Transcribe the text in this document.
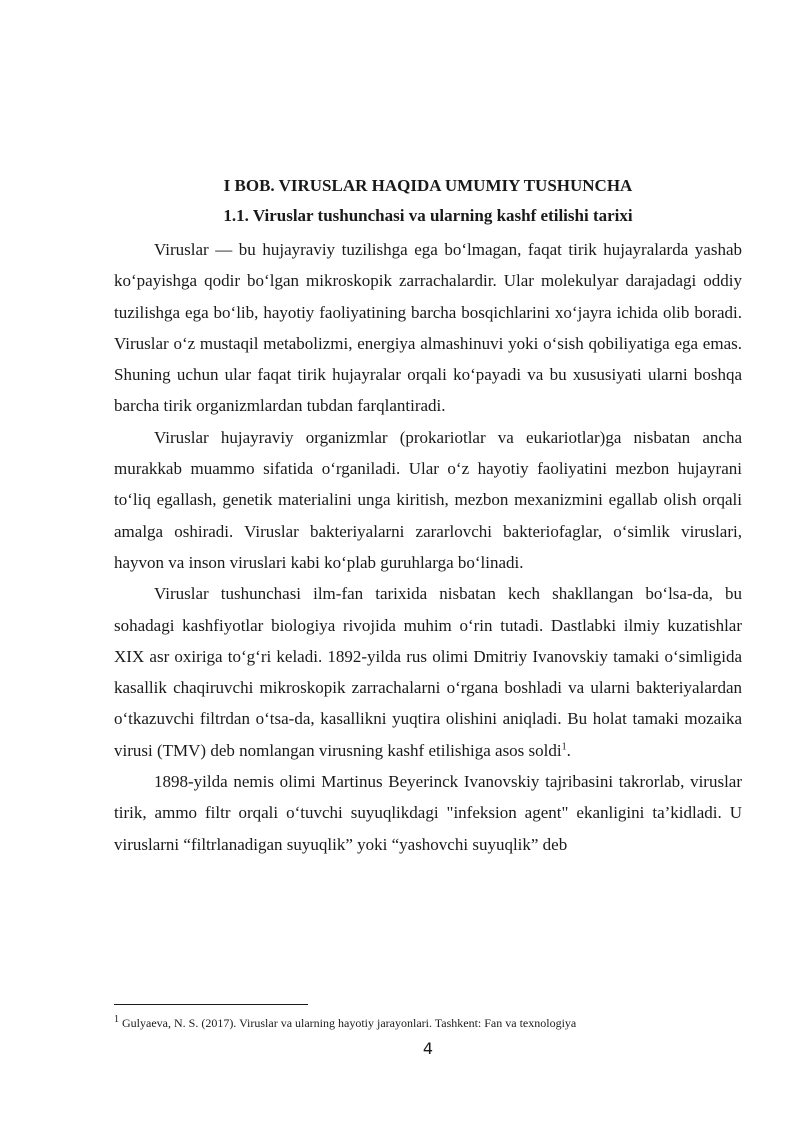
I BOB. VIRUSLAR HAQIDA UMUMIY TUSHUNCHA
1.1. Viruslar tushunchasi va ularning kashf etilishi tarixi

Viruslar — bu hujayraviy tuzilishga ega bo‘lmagan, faqat tirik hujayralarda yashab ko‘payishga qodir bo‘lgan mikroskopik zarrachalardir. Ular molekulyar darajadagi oddiy tuzilishga ega bo‘lib, hayotiy faoliyatining barcha bosqichlarini xo‘jayra ichida olib boradi. Viruslar o‘z mustaqil metabolizmi, energiya almashinuvi yoki o‘sish qobiliyatiga ega emas. Shuning uchun ular faqat tirik hujayralar orqali ko‘payadi va bu xususiyati ularni boshqa barcha tirik organizmlardan tubdan farqlantiradi.

Viruslar hujayraviy organizmlar (prokariotlar va eukariotlar)ga nisbatan ancha murakkab muammo sifatida o‘rganiladi. Ular o‘z hayotiy faoliyatini mezbon hujayrani to‘liq egallash, genetik materialini unga kiritish, mezbon mexanizmini egallab olish orqali amalga oshiradi. Viruslar bakteriyalarni zararlovchi bakteriofaglar, o‘simlik viruslari, hayvon va inson viruslari kabi ko‘plab guruhlarga bo‘linadi.

Viruslar tushunchasi ilm-fan tarixida nisbatan kech shakllangan bo‘lsa-da, bu sohadagi kashfiyotlar biologiya rivojida muhim o‘rin tutadi. Dastlabki ilmiy kuzatishlar XIX asr oxiriga to‘g‘ri keladi. 1892-yilda rus olimi Dmitriy Ivanovskiy tamaki o‘simligida kasallik chaqiruvchi mikroskopik zarrachalarni o‘rgana boshladi va ularni bakteriyalardan o‘tkazuvchi filtrdan o‘tsa-da, kasallikni yuqtira olishini aniqladi. Bu holat tamaki mozaika virusi (TMV) deb nomlangan virusning kashf etilishiga asos soldi$^1$.

1898-yilda nemis olimi Martinus Beyerinck Ivanovskiy tajribasini takrorlab, viruslar tirik, ammo filtr orqali o‘tuvchi suyuqlikdagi "infeksion agent" ekanligini ta’kidladi. U viruslarni “filtrlanadigan suyuqlik” yoki “yashovchi suyuqlik” deb

$^1$ Gulyaeva, N. S. (2017). Viruslar va ularning hayotiy jarayonlari. Tashkent: Fan va texnologiya
4
